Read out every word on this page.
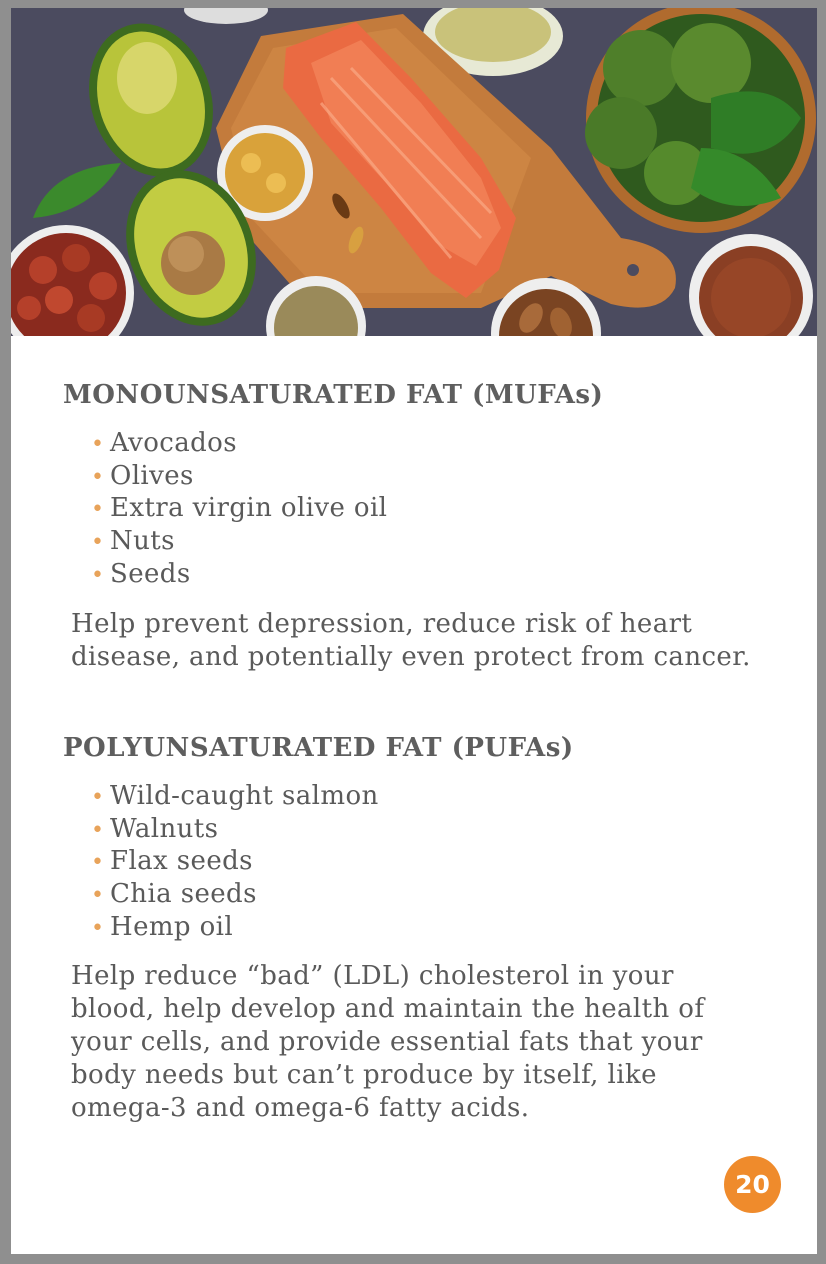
MONOUNSATURATED FAT (MUFAs)
• Avocados
• Olives
• Extra virgin olive oil
• Nuts
• Seeds

Help prevent depression, reduce risk of heart disease, and potentially even protect from cancer.

POLYUNSATURATED FAT (PUFAs)
• Wild-caught salmon
• Walnuts
• Flax seeds
• Chia seeds
• Hemp oil

Help reduce “bad” (LDL) cholesterol in your blood, help develop and maintain the health of your cells, and provide essential fats that your body needs but can’t produce by itself, like omega-3 and omega-6 fatty acids.

20
